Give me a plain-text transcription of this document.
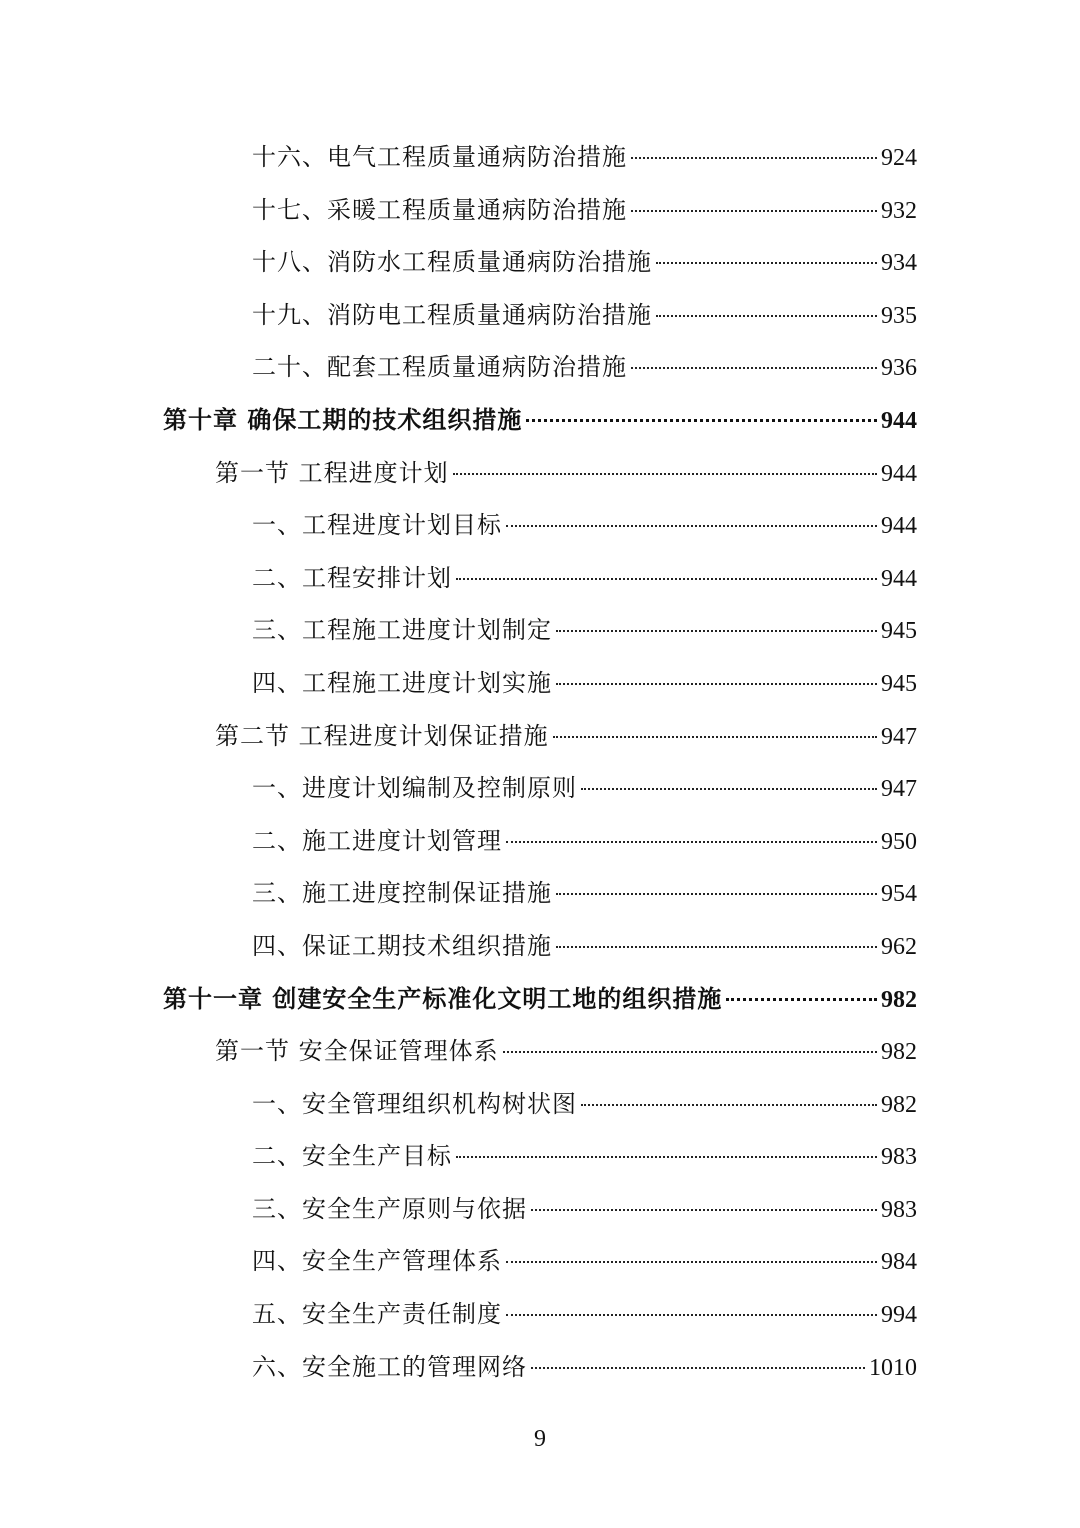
十六、电气工程质量通病防治措施	924
十七、采暖工程质量通病防治措施	932
十八、消防水工程质量通病防治措施	934
十九、消防电工程质量通病防治措施	935
二十、配套工程质量通病防治措施	936
第十章 确保工期的技术组织措施	944
第一节 工程进度计划	944
一、工程进度计划目标	944
二、工程安排计划	944
三、工程施工进度计划制定	945
四、工程施工进度计划实施	945
第二节 工程进度计划保证措施	947
一、进度计划编制及控制原则	947
二、施工进度计划管理	950
三、施工进度控制保证措施	954
四、保证工期技术组织措施	962
第十一章 创建安全生产标准化文明工地的组织措施	982
第一节 安全保证管理体系	982
一、安全管理组织机构树状图	982
二、安全生产目标	983
三、安全生产原则与依据	983
四、安全生产管理体系	984
五、安全生产责任制度	994
六、安全施工的管理网络	1010
9
